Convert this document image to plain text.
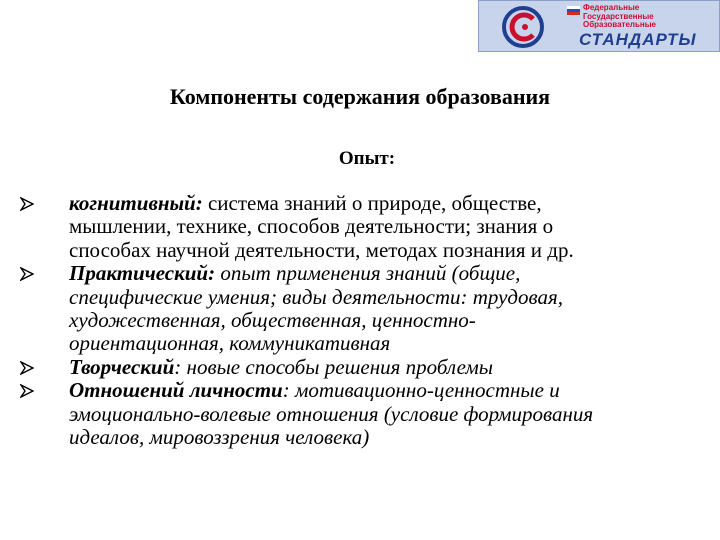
Федеральные
Государственные
Образовательные
СТАНДАРТЫ
Компоненты содержания образования
Опыт:
когнитивный: система знаний о природе, обществе,
мышлении, технике, способов деятельности; знания о
способах научной деятельности, методах познания и др.
Практический: опыт применения знаний (общие,
специфические умения; виды деятельности: трудовая,
художественная, общественная, ценностно-
ориентационная, коммуникативная
Творческий: новые способы решения проблемы
Отношений личности: мотивационно-ценностные и
эмоционально-волевые отношения (условие формирования
идеалов, мировоззрения человека)
